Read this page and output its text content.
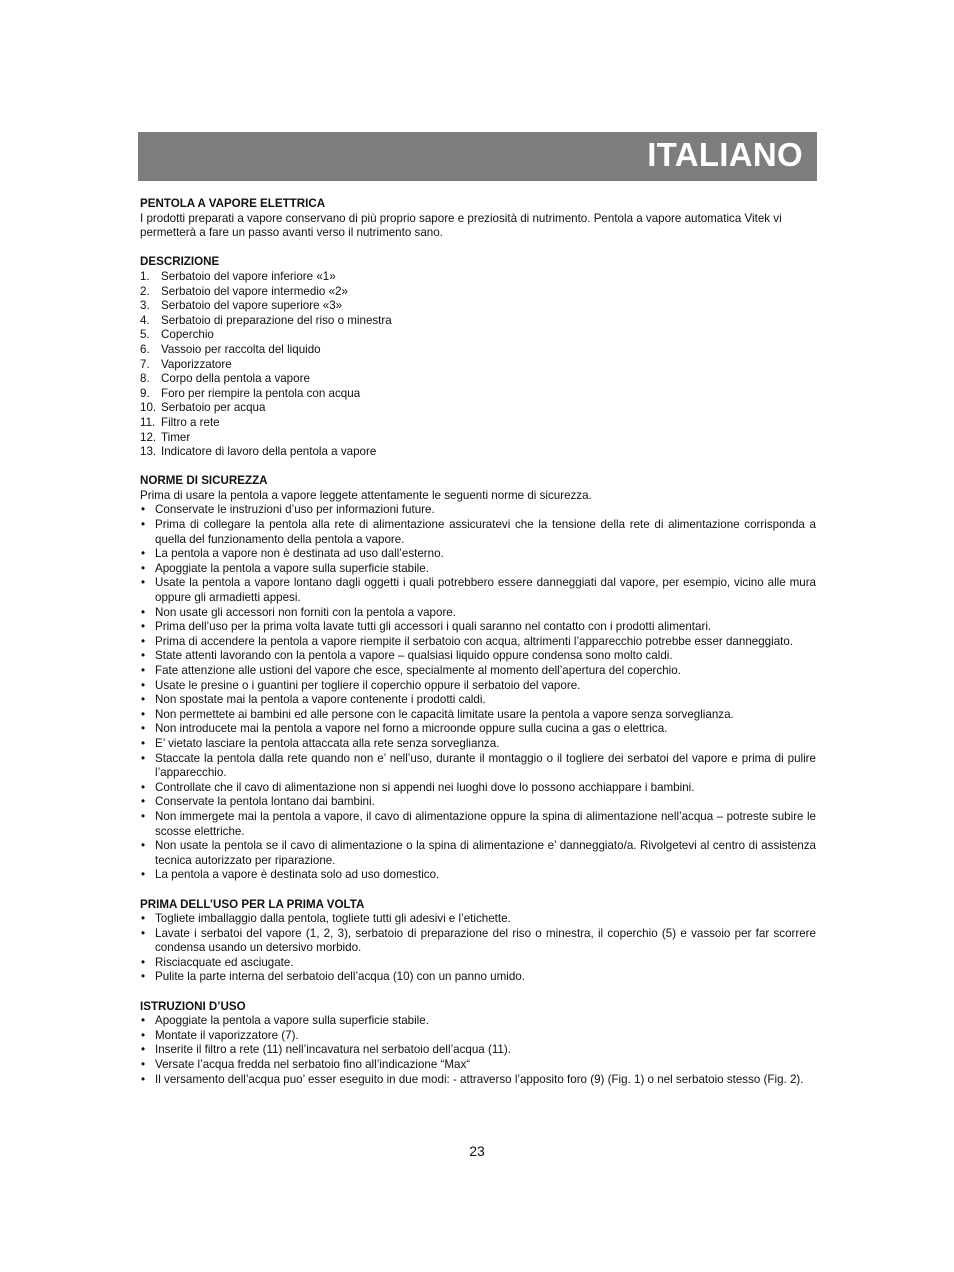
ITALIANO
PENTOLA A VAPORE ELETTRICA

I prodotti preparati a vapore conservano di più proprio sapore e preziosità di nutrimento. Pentola a vapore automatica Vitek vi permetterà a fare un passo avanti verso il nutrimento sano.

DESCRIZIONE
1. Serbatoio del vapore inferiore «1»
2. Serbatoio del vapore intermedio «2»
3. Serbatoio del vapore superiore «3»
4. Serbatoio di preparazione del riso o minestra
5. Coperchio
6. Vassoio per raccolta del liquido
7. Vaporizzatore
8. Corpo della pentola a vapore
9. Foro per riempire la pentola con acqua
10. Serbatoio per acqua
11. Filtro a rete
12. Timer
13. Indicatore di lavoro della pentola a vapore
NORME DI SICUREZZA

Prima di usare la pentola a vapore leggete attentamente le seguenti norme di sicurezza.

• Conservate le instruzioni d’uso per informazioni future.
• Prima di collegare la pentola alla rete di alimentazione assicuratevi che la tensione della rete di alimentazione corrisponda a quella del funzionamento della pentola a vapore.
• La pentola a vapore non è destinata ad uso dall’esterno.
• Apoggiate la pentola a vapore sulla superficie stabile.
• Usate la pentola a vapore lontano dagli oggetti i quali potrebbero essere danneggiati dal vapore, per esempio, vicino alle mura oppure gli armadietti appesi.
• Non usate gli accessori non forniti con la pentola a vapore.
• Prima dell’uso per la prima volta lavate tutti gli accessori i quali saranno nel contatto con i prodotti alimentari.
• Prima di accendere la pentola a vapore riempite il serbatoio con acqua, altrimenti l’apparecchio potrebbe esser danneggiato.
• State attenti lavorando con la pentola a vapore – qualsiasi liquido oppure condensa sono molto caldi.
• Fate attenzione alle ustioni del vapore che esce, specialmente al momento dell’apertura del coperchio.
• Usate le presine o i guantini per togliere il coperchio oppure il serbatoio del vapore.
• Non spostate mai la pentola a vapore contenente i prodotti caldi.
• Non permettete ai bambini ed alle persone con le capacità limitate usare la pentola a vapore senza sorveglianza.
• Non introducete mai la pentola a vapore nel forno a microonde oppure sulla cucina a gas o elettrica.
• E’ vietato lasciare la pentola attaccata alla rete senza sorveglianza.
• Staccate la pentola dalla rete quando non e’ nell’uso, durante il montaggio o il togliere dei serbatoi del vapore e prima di pulire l’apparecchio.
• Controllate che il cavo di alimentazione non si appendi nei luoghi dove lo possono acchiappare i bambini.
• Conservate la pentola lontano dai bambini.
• Non immergete mai la pentola a vapore, il cavo di alimentazione oppure la spina di alimentazione nell’acqua – potreste subire le scosse elettriche.
• Non usate la pentola se il cavo di alimentazione o la spina di alimentazione e’ danneggiato/a. Rivolgetevi al centro di assistenza tecnica autorizzato per riparazione.
• La pentola a vapore è destinata solo ad uso domestico.
PRIMA DELL’USO PER LA PRIMA VOLTA
• Togliete imballaggio dalla pentola, togliete tutti gli adesivi e l’etichette.
• Lavate i serbatoi del vapore (1, 2, 3), serbatoio di preparazione del riso o minestra, il coperchio (5) e vassoio per far scorrere condensa usando un detersivo morbido.
• Risciacquate ed asciugate.
• Pulite la parte interna del serbatoio dell’acqua (10) con un panno umido.
ISTRUZIONI D’USO
• Apoggiate la pentola a vapore sulla superficie stabile.
• Montate il vaporizzatore (7).
• Inserite il filtro a rete (11) nell’incavatura nel serbatoio dell’acqua (11).
• Versate l’acqua fredda nel serbatoio fino all’indicazione “Max“
• Il versamento dell’acqua puo’ esser eseguito in due modi: - attraverso l’apposito foro (9) (Fig. 1) o nel serbatoio stesso (Fig. 2).
23
